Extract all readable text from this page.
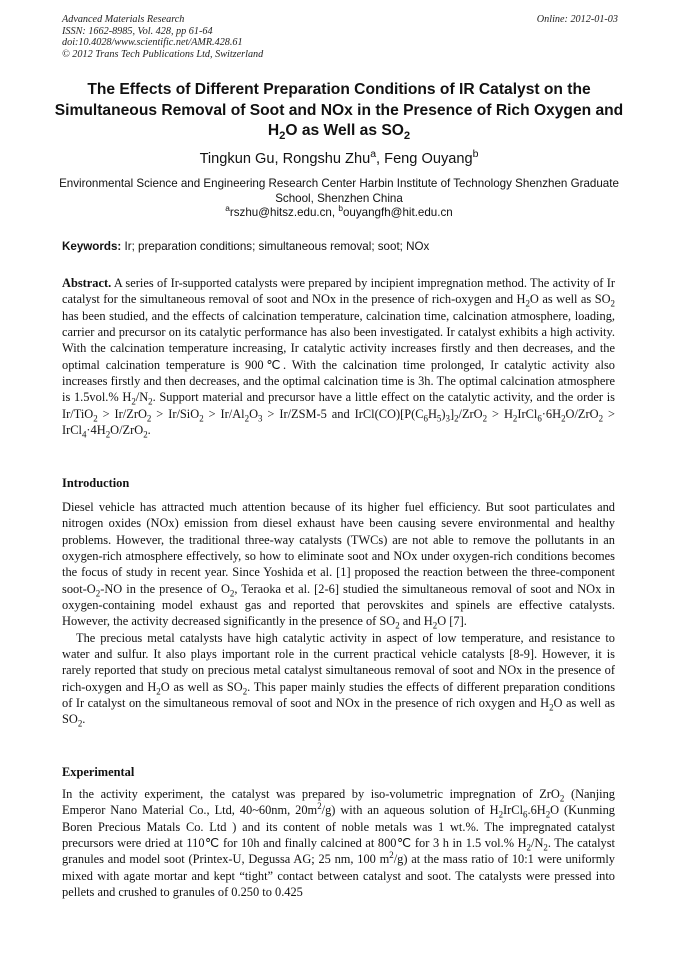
Advanced Materials Research
ISSN: 1662-8985, Vol. 428, pp 61-64
doi:10.4028/www.scientific.net/AMR.428.61
© 2012 Trans Tech Publications Ltd, Switzerland
Online: 2012-01-03
The Effects of Different Preparation Conditions of IR Catalyst on the Simultaneous Removal of Soot and NOx in the Presence of Rich Oxygen and $H_2O$ as Well as $SO_2$
Tingkun Gu, Rongshu Zhu$^a$, Feng Ouyang$^b$
Environmental Science and Engineering Research Center Harbin Institute of Technology Shenzhen Graduate School, Shenzhen China
$^a$rszhu@hitsz.edu.cn, $^b$ouyangfh@hit.edu.cn
Keywords: Ir; preparation conditions; simultaneous removal; soot; NOx

Abstract. A series of Ir-supported catalysts were prepared by incipient impregnation method. The activity of Ir catalyst for the simultaneous removal of soot and NOx in the presence of rich-oxygen and $H_2O$ as well as $SO_2$ has been studied, and the effects of calcination temperature, calcination time, calcination atmosphere, loading, carrier and precursor on its catalytic performance has also been investigated. Ir catalyst exhibits a high activity. With the calcination temperature increasing, Ir catalytic activity increases firstly and then decreases, and the optimal calcination temperature is 900℃. With the calcination time prolonged, Ir catalytic activity also increases firstly and then decreases, and the optimal calcination time is 3h. The optimal calcination atmosphere is 1.5vol.% $H_2/N_2$. Support material and precursor have a little effect on the catalytic activity, and the order is $Ir/TiO_2 > Ir/ZrO_2 > Ir/SiO_2 > Ir/Al_2O_3 > Ir/ZSM-5$ and $IrCl(CO)[P(C_6H_5)_3]_2/ZrO_2$ > $H_2IrCl_6\cdot 6H_2O/ZrO_2$ > $IrCl_4\cdot 4H_2O/ZrO_2$.

Introduction

Diesel vehicle has attracted much attention because of its higher fuel efficiency. But soot particulates and nitrogen oxides (NOx) emission from diesel exhaust have been causing severe environmental and healthy problems. However, the traditional three-way catalysts (TWCs) are not able to remove the pollutants in an oxygen-rich atmosphere effectively, so how to eliminate soot and NOx under oxygen-rich conditions becomes the focus of study in recent year. Since Yoshida et al. [1] proposed the reaction between the three-component soot-$O_2-NO$ in the presence of $O_2$, Teraoka et al. [2-6] studied the simultaneous removal of soot and NOx in oxygen-containing model exhaust gas and reported that perovskites and spinels are effective catalysts. However, the activity decreased significantly in the presence of $SO_2$ and $H_2O$ [7].

The precious metal catalysts have high catalytic activity in aspect of low temperature, and resistance to water and sulfur. It also plays important role in the current practical vehicle catalysts [8-9]. However, it is rarely reported that study on precious metal catalyst simultaneous removal of soot and NOx in the presence of rich-oxygen and $H_2O$ as well as $SO_2$. This paper mainly studies the effects of different preparation conditions of Ir catalyst on the simultaneous removal of soot and NOx in the presence of rich oxygen and $H_2O$ as well as $SO_2$.

Experimental

In the activity experiment, the catalyst was prepared by iso-volumetric impregnation of ZrO$_2$ (Nanjing Emperor Nano Material Co., Ltd, 40~60nm, $20m^2/g$) with an aqueous solution of $H_2IrCl_6.6H_2O$ (Kunming Boren Precious Matals Co. Ltd ) and its content of noble metals was 1 wt.%. The impregnated catalyst precursors were dried at 110℃ for 10h and finally calcined at 800℃ for 3 h in 1.5 vol.% $H_2/N_2$. The catalyst granules and model soot (Printex-U, Degussa AG; 25 nm, 100 $m^2/g$) at the mass ratio of 10:1 were uniformly mixed with agate mortar and kept “tight” contact between catalyst and soot. The catalysts were pressed into pellets and crushed to granules of 0.250 to 0.425
